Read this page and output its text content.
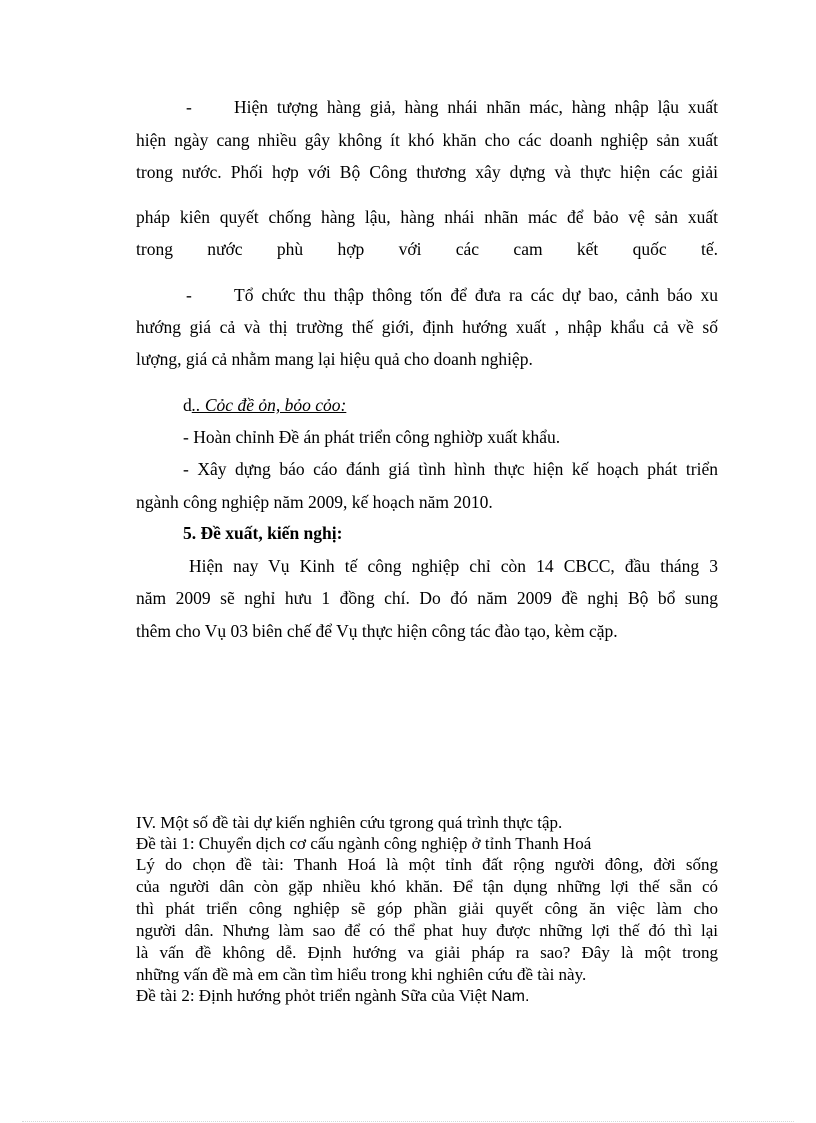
- Hiện tượng hàng giả, hàng nhái nhãn mác, hàng nhập lậu xuất
hiện ngày cang nhiều gây không ít khó khăn cho các doanh nghiệp sản xuất
trong nước. Phối hợp với Bộ Công thương xây dựng và thực hiện các giải
pháp kiên quyết chống hàng lậu, hàng nhái nhãn mác để bảo vệ sản xuất
trong nước phù hợp với các cam kết quốc tế.
- Tổ chức thu thập thông tốn để đưa ra các dự bao, cảnh báo xu
hướng giá cả và thị trường thế giới, định hướng xuất , nhập khẩu cả về số
lượng, giá cả nhằm mang lại hiệu quả cho doanh nghiệp.
d.. Cỏc đề ỏn, bỏo cỏo:
- Hoàn chỉnh Đề án phát triển công nghiờp xuất khẩu.
- Xây dựng báo cáo đánh giá tình hình thực hiện kế hoạch phát triển
ngành công nghiệp năm 2009, kế hoạch năm 2010.
5. Đề xuất, kiến nghị:
Hiện nay Vụ Kinh tế công nghiệp chỉ còn 14 CBCC, đầu tháng 3
năm 2009 sẽ nghỉ hưu 1 đồng chí. Do đó năm 2009 đề nghị Bộ bổ sung
thêm cho Vụ 03 biên chế để Vụ thực hiện công tác đào tạo, kèm cặp.
IV. Một số đề tài dự kiến nghiên cứu tgrong quá trình thực tập.
Đề tài 1: Chuyển dịch cơ cấu ngành công nghiệp ở tỉnh Thanh Hoá
Lý do chọn đề tài: Thanh Hoá là một tỉnh đất rộng người đông, đời sống
của người dân còn gặp nhiều khó khăn. Để tận dụng những lợi thế sẵn có
thì phát triển công nghiệp sẽ góp phần giải quyết công ăn việc làm cho
người dân. Nhưng làm sao để có thể phat huy được những lợi thế đó thì lại
là vấn đề không dễ. Định hướng va giải pháp ra sao? Đây là một trong
những vấn đề mà em cần tìm hiểu trong khi nghiên cứu đề tài này.
Đề tài 2: Định hướng phỏt triển ngành Sữa của Việt Nam.
